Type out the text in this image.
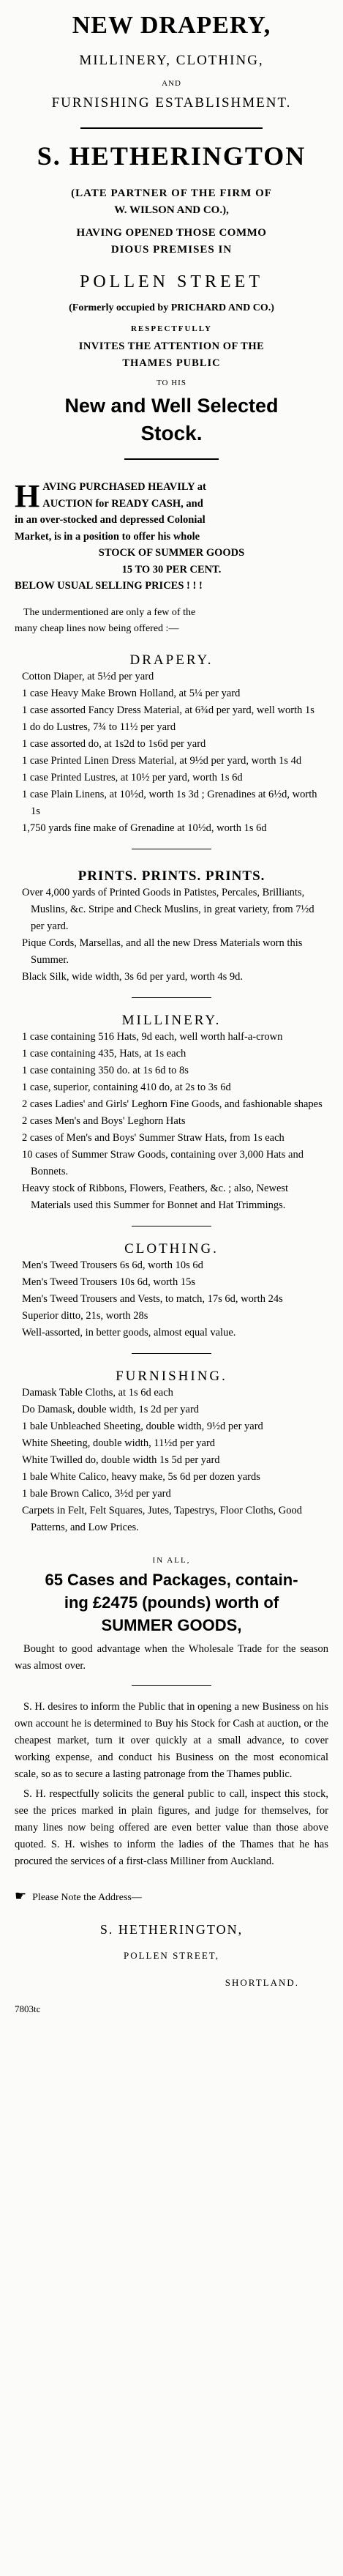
NEW DRAPERY,
MILLINERY, CLOTHING,
AND
FURNISHING ESTABLISHMENT.
S. HETHERINGTON
(LATE PARTNER OF THE FIRM OF
W. WILSON AND CO.),
HAVING OPENED THOSE COMMO
DIOUS PREMISES IN
POLLEN STREET
(Formerly occupied by PRICHARD AND CO.)
RESPECTFULLY
INVITES THE ATTENTION OF THE
THAMES PUBLIC
TO HIS
New and Well Selected
Stock.
H AVING PURCHASED HEAVILY at

AUCTION for READY CASH, and

in an over-stocked and depressed Colonial

Market, is in a position to offer his whole

STOCK OF SUMMER GOODS

15 TO 30 PER CENT.

BELOW USUAL SELLING PRICES ! ! !

The undermentioned are only a few of the

many cheap lines now being offered :—

DRAPERY.

Cotton Diaper, at 5½d per yard

1 case Heavy Make Brown Holland, at 5¼ per yard

1 case assorted Fancy Dress Material, at 6¾d per yard, well worth 1s

1 do do Lustres, 7¾ to 11½ per yard

1 case assorted do, at 1s2d to 1s6d per yard

1 case Printed Linen Dress Material, at 9½d per yard, worth 1s 4d

1 case Printed Lustres, at 10½ per yard, worth 1s 6d

1 case Plain Linens, at 10½d, worth 1s 3d ; Grenadines at 6½d, worth 1s

1,750 yards fine make of Grenadine at 10½d, worth 1s 6d

PRINTS. PRINTS. PRINTS.

Over 4,000 yards of Printed Goods in Patistes, Percales, Brilliants, Muslins, &c. Stripe and Check Muslins, in great variety, from 7½d per yard.

Pique Cords, Marsellas, and all the new Dress Materials worn this Summer.

Black Silk, wide width, 3s 6d per yard, worth 4s 9d.

MILLINERY.

1 case containing 516 Hats, 9d each, well worth half-a-crown

1 case containing 435, Hats, at 1s each

1 case containing 350 do. at 1s 6d to 8s

1 case, superior, containing 410 do, at 2s to 3s 6d

2 cases Ladies' and Girls' Leghorn Fine Goods, and fashionable shapes

2 cases Men's and Boys' Leghorn Hats

2 cases of Men's and Boys' Summer Straw Hats, from 1s each

10 cases of Summer Straw Goods, containing over 3,000 Hats and Bonnets.

Heavy stock of Ribbons, Flowers, Feathers, &c. ; also, Newest Materials used this Summer for Bonnet and Hat Trimmings.

CLOTHING.

Men's Tweed Trousers 6s 6d, worth 10s 6d

Men's Tweed Trousers 10s 6d, worth 15s

Men's Tweed Trousers and Vests, to match, 17s 6d, worth 24s

Superior ditto, 21s, worth 28s

Well-assorted, in better goods, almost equal value.

FURNISHING.

Damask Table Cloths, at 1s 6d each

Do Damask, double width, 1s 2d per yard

1 bale Unbleached Sheeting, double width, 9½d per yard

White Sheeting, double width, 11½d per yard

White Twilled do, double width 1s 5d per yard

1 bale White Calico, heavy make, 5s 6d per dozen yards

1 bale Brown Calico, 3½d per yard

Carpets in Felt, Felt Squares, Jutes, Tapestrys, Floor Cloths, Good Patterns, and Low Prices.

IN ALL,
65 Cases and Packages, contain-
ing £2475 (pounds) worth of
SUMMER GOODS,
Bought to good advantage when the Wholesale Trade for the season was almost over.
S. H. desires to inform the Public that in opening a new Business on his own account he is determined to Buy his Stock for Cash at auction, or the cheapest market, turn it over quickly at a small advance, to cover working expense, and conduct his Business on the most economical scale, so as to secure a lasting patronage from the Thames public.
S. H. respectfully solicits the general public to call, inspect this stock, see the prices marked in plain figures, and judge for themselves, for many lines now being offered are even better value than those above quoted. S. H. wishes to inform the ladies of the Thames that he has procured the services of a first-class Milliner from Auckland.
☛ Please Note the Address—
S. HETHERINGTON,
POLLEN STREET,
SHORTLAND.
7803tc
